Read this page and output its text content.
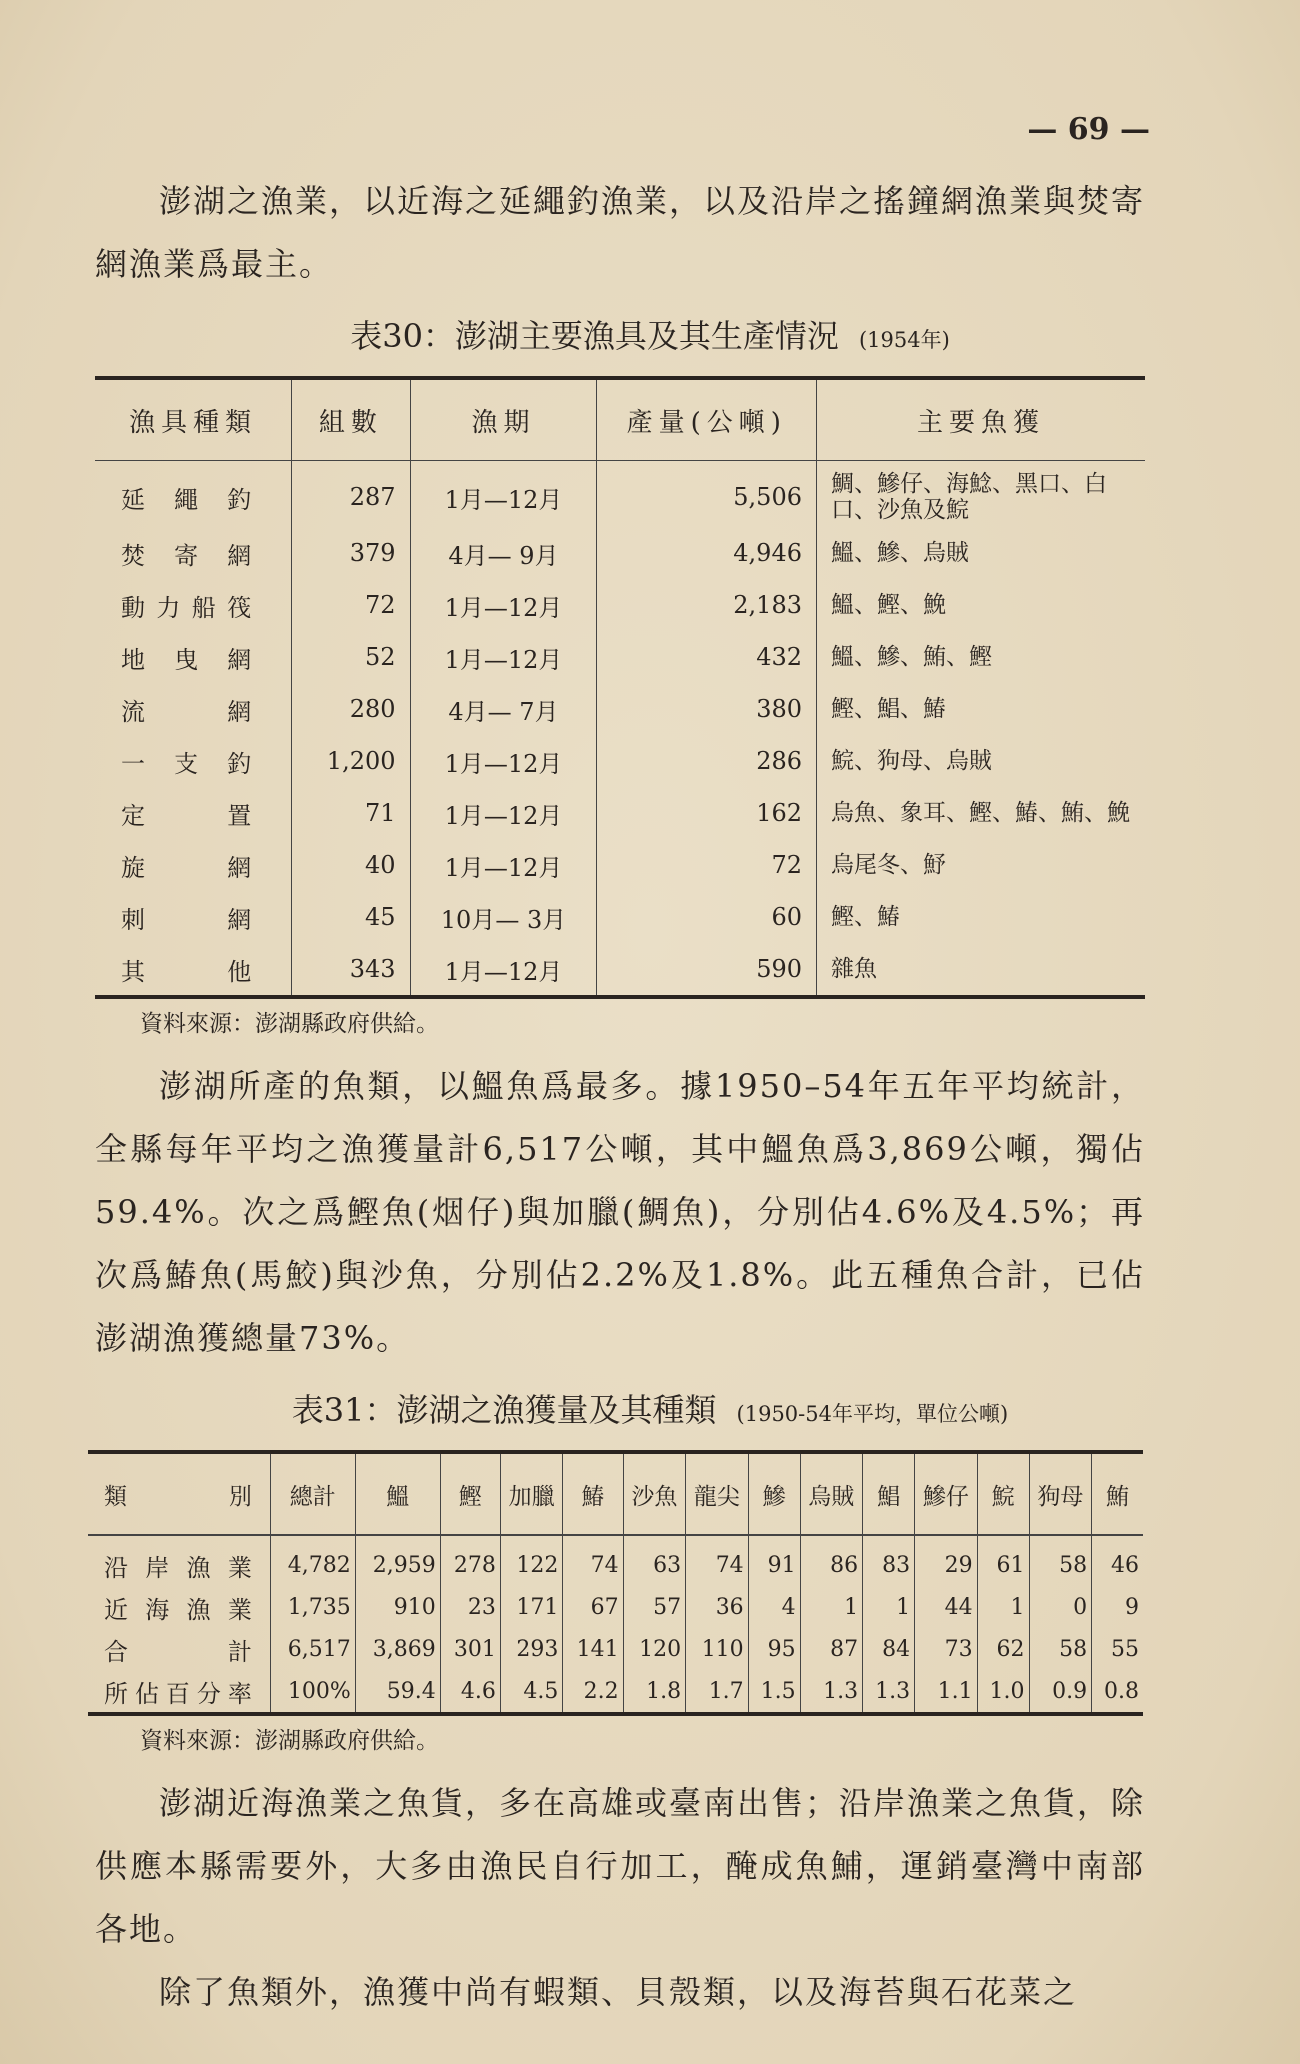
— 69 —
澎湖之漁業，以近海之延繩釣漁業，以及沿岸之搖鐘網漁業與焚寄網漁業爲最主。
表30：澎湖主要漁具及其生產情況 (1954年)
漁具種類	組數	漁期	產量(公噸)	主要魚獲
延繩釣	287	1月—12月	5,506	鯛、鰺仔、海鯰、黑口、白口、沙魚及鯇
焚寄網	379	4月— 9月	4,946	鰮、鰺、烏賊
動力船筏	72	1月—12月	2,183	鰮、鰹、鮸
地曳網	52	1月—12月	432	鰮、鰺、鮪、鰹
流網	280	4月— 7月	380	鰹、鯧、鰆
一支釣	1,200	1月—12月	286	鯇、狗母、烏賊
定置	71	1月—12月	162	烏魚、象耳、鰹、鰆、鮪、鮸
旋網	40	1月—12月	72	烏尾冬、魣
刺網	45	10月— 3月	60	鰹、鰆
其他	343	1月—12月	590	雜魚
資料來源：澎湖縣政府供給。
澎湖所產的魚類，以鰮魚爲最多。據1950–54年五年平均統計，全縣每年平均之漁獲量計6,517公噸，其中鰮魚爲3,869公噸，獨佔59.4%。次之爲鰹魚(烟仔)與加臘(鯛魚)，分別佔4.6%及4.5%；再次爲鰆魚(馬鮫)與沙魚，分別佔2.2%及1.8%。此五種魚合計，已佔澎湖漁獲總量73%。
表31：澎湖之漁獲量及其種類 (1950-54年平均，單位公噸)
類別	總計	鰮	鰹	加臘	鰆	沙魚	龍尖	鰺	烏賊	鯧	鰺仔	鯇	狗母	鮪
沿岸漁業	4,782	2,959	278	122	74	63	74	91	86	83	29	61	58	46
近海漁業	1,735	910	23	171	67	57	36	4	1	1	44	1	0	9
合計	6,517	3,869	301	293	141	120	110	95	87	84	73	62	58	55
所佔百分率	100%	59.4	4.6	4.5	2.2	1.8	1.7	1.5	1.3	1.3	1.1	1.0	0.9	0.8
資料來源：澎湖縣政府供給。
澎湖近海漁業之魚貨，多在高雄或臺南出售；沿岸漁業之魚貨，除供應本縣需要外，大多由漁民自行加工，醃成魚鯆，運銷臺灣中南部各地。
除了魚類外，漁獲中尚有蝦類、貝殼類，以及海苔與石花菜之
